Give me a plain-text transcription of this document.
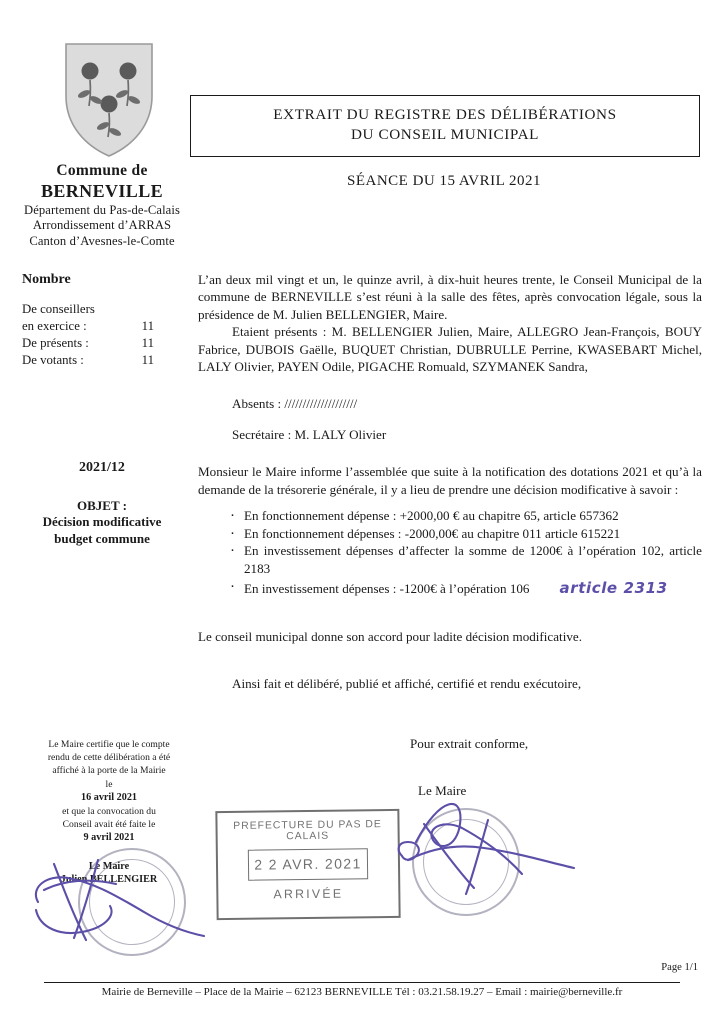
Commune de
BERNEVILLE
Département du Pas-de-Calais
Arrondissement d’ARRAS
Canton d’Avesnes-le-Comte
Nombre
De conseillers
en exercice :	11
De présents :	11
De votants :	11
2021/12
OBJET :
Décision modificative
budget commune
EXTRAIT DU REGISTRE DES DÉLIBÉRATIONS
DU CONSEIL MUNICIPAL
SÉANCE DU 15 AVRIL 2021

L’an deux mil vingt et un, le quinze avril, à dix-huit heures trente, le Conseil Municipal de la commune de BERNEVILLE s’est réuni à la salle des fêtes, après convocation légale, sous la présidence de M. Julien BELLENGIER, Maire.

Etaient présents : M. BELLENGIER Julien, Maire, ALLEGRO Jean-François, BOUY Fabrice, DUBOIS Gaëlle, BUQUET Christian, DUBRULLE Perrine, KWASEBART Michel, LALY Olivier, PAYEN Odile, PIGACHE Romuald, SZYMANEK Sandra,

Absents : ////////////////////

Secrétaire : M. LALY Olivier

Monsieur le Maire informe l’assemblée que suite à la notification des dotations 2021 et qu’à la demande de la trésorerie générale, il y a lieu de prendre une décision modificative à savoir :

· En fonctionnement dépense : +2000,00 € au chapitre 65, article 657362
· En fonctionnement dépenses : -2000,00€ au chapitre 011 article 615221
· En investissement dépenses d’affecter la somme de 1200€ à l’opération 102, article 2183
· En investissement dépenses : -1200€ à l’opération 106 article 2313

Le conseil municipal donne son accord pour ladite décision modificative.

Ainsi fait et délibéré, publié et affiché, certifié et rendu exécutoire,

Pour extrait conforme,
Le Maire
Le Maire certifie que le compte
rendu de cette délibération a été
affiché à la porte de la Mairie
le
16 avril 2021
et que la convocation du
Conseil avait été faite le
9 avril 2021
Le Maire
Julien BELLENGIER
PREFECTURE DU PAS DE CALAIS
2 2 AVR. 2021
ARRIVÉE
Page 1/1
Mairie de Berneville – Place de la Mairie – 62123 BERNEVILLE Tél : 03.21.58.19.27 – Email : mairie@berneville.fr
